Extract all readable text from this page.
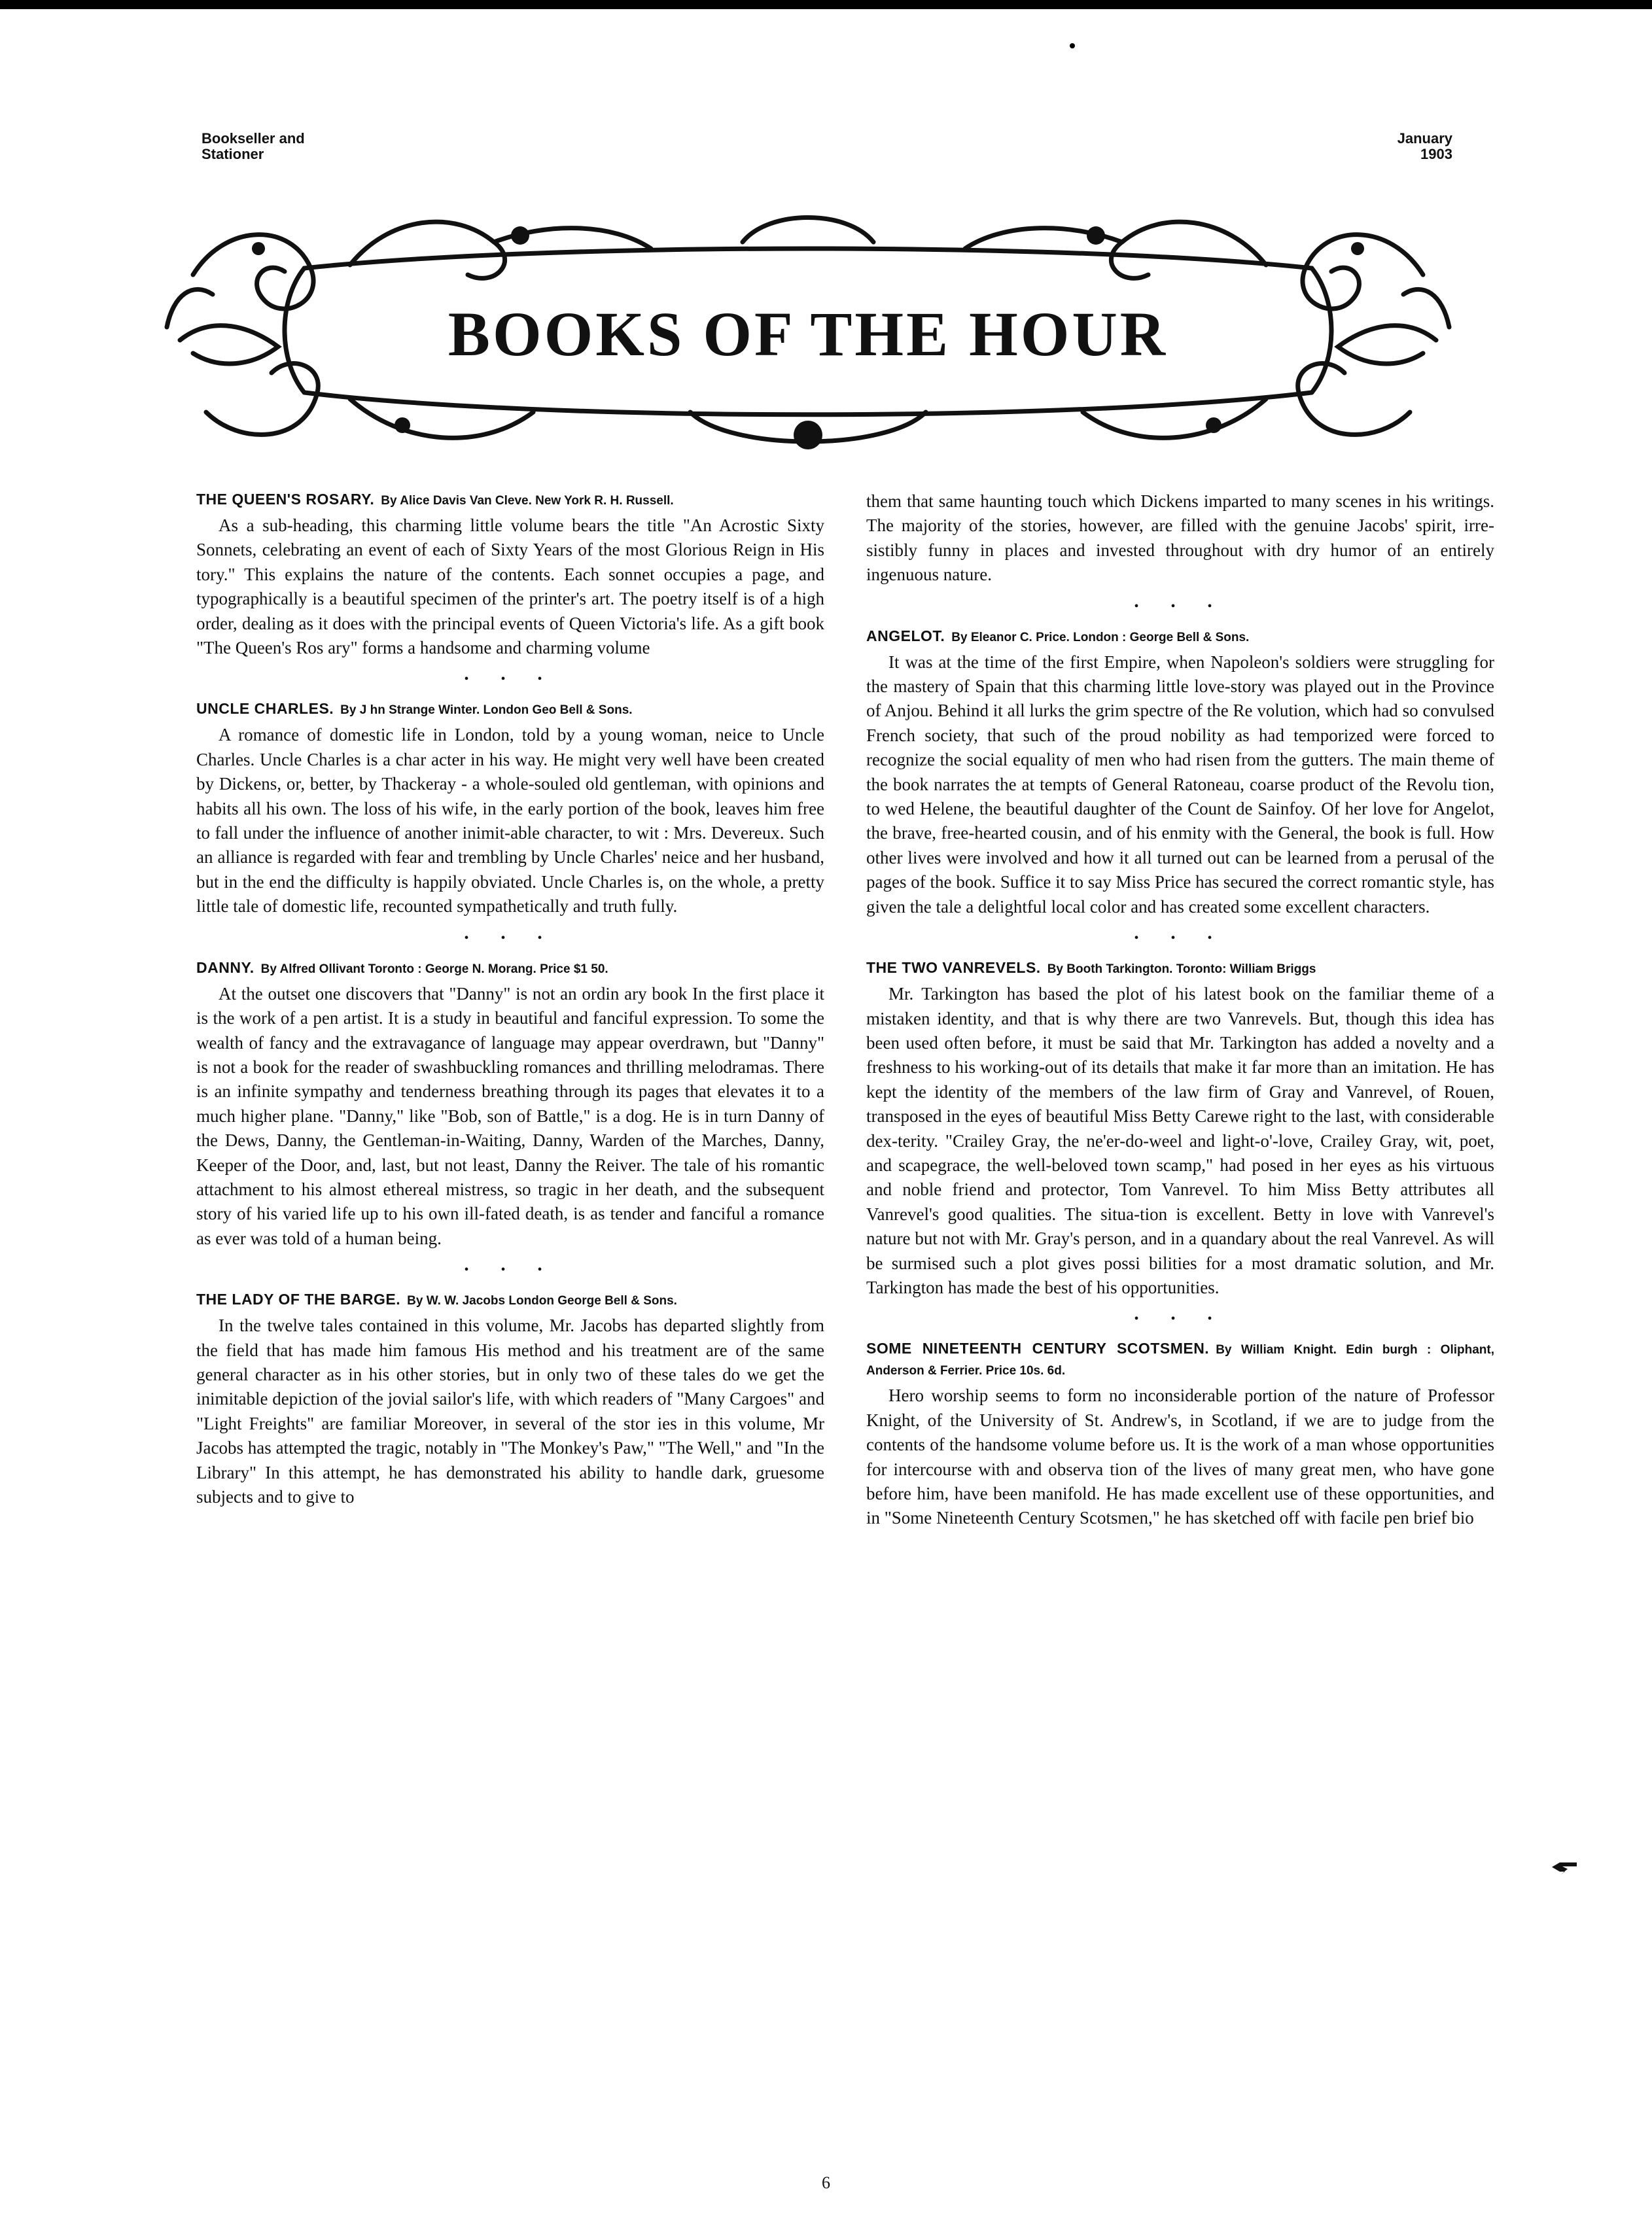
Bookseller and
Stationer
January
1903
BOOKS OF THE HOUR

THE QUEEN'S ROSARY. By Alice Davis Van Cleve. New York R. H. Russell.

As a sub-heading, this charming little volume bears the title "An Acrostic Sixty Sonnets, celebrating an event of each of Sixty Years of the most Glorious Reign in His tory." This explains the nature of the contents. Each sonnet occupies a page, and typographically is a beautiful specimen of the printer's art. The poetry itself is of a high order, dealing as it does with the principal events of Queen Victoria's life. As a gift book "The Queen's Ros ary" forms a handsome and charming volume

• • •

UNCLE CHARLES. By J hn Strange Winter. London Geo Bell & Sons.

A romance of domestic life in London, told by a young woman, neice to Uncle Charles. Uncle Charles is a char acter in his way. He might very well have been created by Dickens, or, better, by Thackeray - a whole-souled old gentleman, with opinions and habits all his own. The loss of his wife, in the early portion of the book, leaves him free to fall under the influence of another inimit-able character, to wit : Mrs. Devereux. Such an alliance is regarded with fear and trembling by Uncle Charles' neice and her husband, but in the end the difficulty is happily obviated. Uncle Charles is, on the whole, a pretty little tale of domestic life, recounted sympathetically and truth fully.

• • •

DANNY. By Alfred Ollivant Toronto : George N. Morang. Price $1 50.

At the outset one discovers that "Danny" is not an ordin ary book In the first place it is the work of a pen artist. It is a study in beautiful and fanciful expression. To some the wealth of fancy and the extravagance of language may appear overdrawn, but "Danny" is not a book for the reader of swashbuckling romances and thrilling melodramas. There is an infinite sympathy and tenderness breathing through its pages that elevates it to a much higher plane. "Danny," like "Bob, son of Battle," is a dog. He is in turn Danny of the Dews, Danny, the Gentleman-in-Waiting, Danny, Warden of the Marches, Danny, Keeper of the Door, and, last, but not least, Danny the Reiver. The tale of his romantic attachment to his almost ethereal mistress, so tragic in her death, and the subsequent story of his varied life up to his own ill-fated death, is as tender and fanciful a romance as ever was told of a human being.

• • •

THE LADY OF THE BARGE. By W. W. Jacobs London George Bell & Sons.

In the twelve tales contained in this volume, Mr. Jacobs has departed slightly from the field that has made him famous His method and his treatment are of the same general character as in his other stories, but in only two of these tales do we get the inimitable depiction of the jovial sailor's life, with which readers of "Many Cargoes" and "Light Freights" are familiar Moreover, in several of the stor ies in this volume, Mr Jacobs has attempted the tragic, notably in "The Monkey's Paw," "The Well," and "In the Library" In this attempt, he has demonstrated his ability to handle dark, gruesome subjects and to give to

them that same haunting touch which Dickens imparted to many scenes in his writings. The majority of the stories, however, are filled with the genuine Jacobs' spirit, irre-sistibly funny in places and invested throughout with dry humor of an entirely ingenuous nature.

• • •

ANGELOT. By Eleanor C. Price. London : George Bell & Sons.

It was at the time of the first Empire, when Napoleon's soldiers were struggling for the mastery of Spain that this charming little love-story was played out in the Province of Anjou. Behind it all lurks the grim spectre of the Re volution, which had so convulsed French society, that such of the proud nobility as had temporized were forced to recognize the social equality of men who had risen from the gutters. The main theme of the book narrates the at tempts of General Ratoneau, coarse product of the Revolu tion, to wed Helene, the beautiful daughter of the Count de Sainfoy. Of her love for Angelot, the brave, free-hearted cousin, and of his enmity with the General, the book is full. How other lives were involved and how it all turned out can be learned from a perusal of the pages of the book. Suffice it to say Miss Price has secured the correct romantic style, has given the tale a delightful local color and has created some excellent characters.

• • •

THE TWO VANREVELS. By Booth Tarkington. Toronto: William Briggs

Mr. Tarkington has based the plot of his latest book on the familiar theme of a mistaken identity, and that is why there are two Vanrevels. But, though this idea has been used often before, it must be said that Mr. Tarkington has added a novelty and a freshness to his working-out of its details that make it far more than an imitation. He has kept the identity of the members of the law firm of Gray and Vanrevel, of Rouen, transposed in the eyes of beautiful Miss Betty Carewe right to the last, with considerable dex-terity. "Crailey Gray, the ne'er-do-weel and light-o'-love, Crailey Gray, wit, poet, and scapegrace, the well-beloved town scamp," had posed in her eyes as his virtuous and noble friend and protector, Tom Vanrevel. To him Miss Betty attributes all Vanrevel's good qualities. The situa-tion is excellent. Betty in love with Vanrevel's nature but not with Mr. Gray's person, and in a quandary about the real Vanrevel. As will be surmised such a plot gives possi bilities for a most dramatic solution, and Mr. Tarkington has made the best of his opportunities.

• • •

SOME NINETEENTH CENTURY SCOTSMEN. By William Knight. Edin burgh : Oliphant, Anderson & Ferrier. Price 10s. 6d.

Hero worship seems to form no inconsiderable portion of the nature of Professor Knight, of the University of St. Andrew's, in Scotland, if we are to judge from the contents of the handsome volume before us. It is the work of a man whose opportunities for intercourse with and observa tion of the lives of many great men, who have gone before him, have been manifold. He has made excellent use of these opportunities, and in "Some Nineteenth Century Scotsmen," he has sketched off with facile pen brief bio

6
